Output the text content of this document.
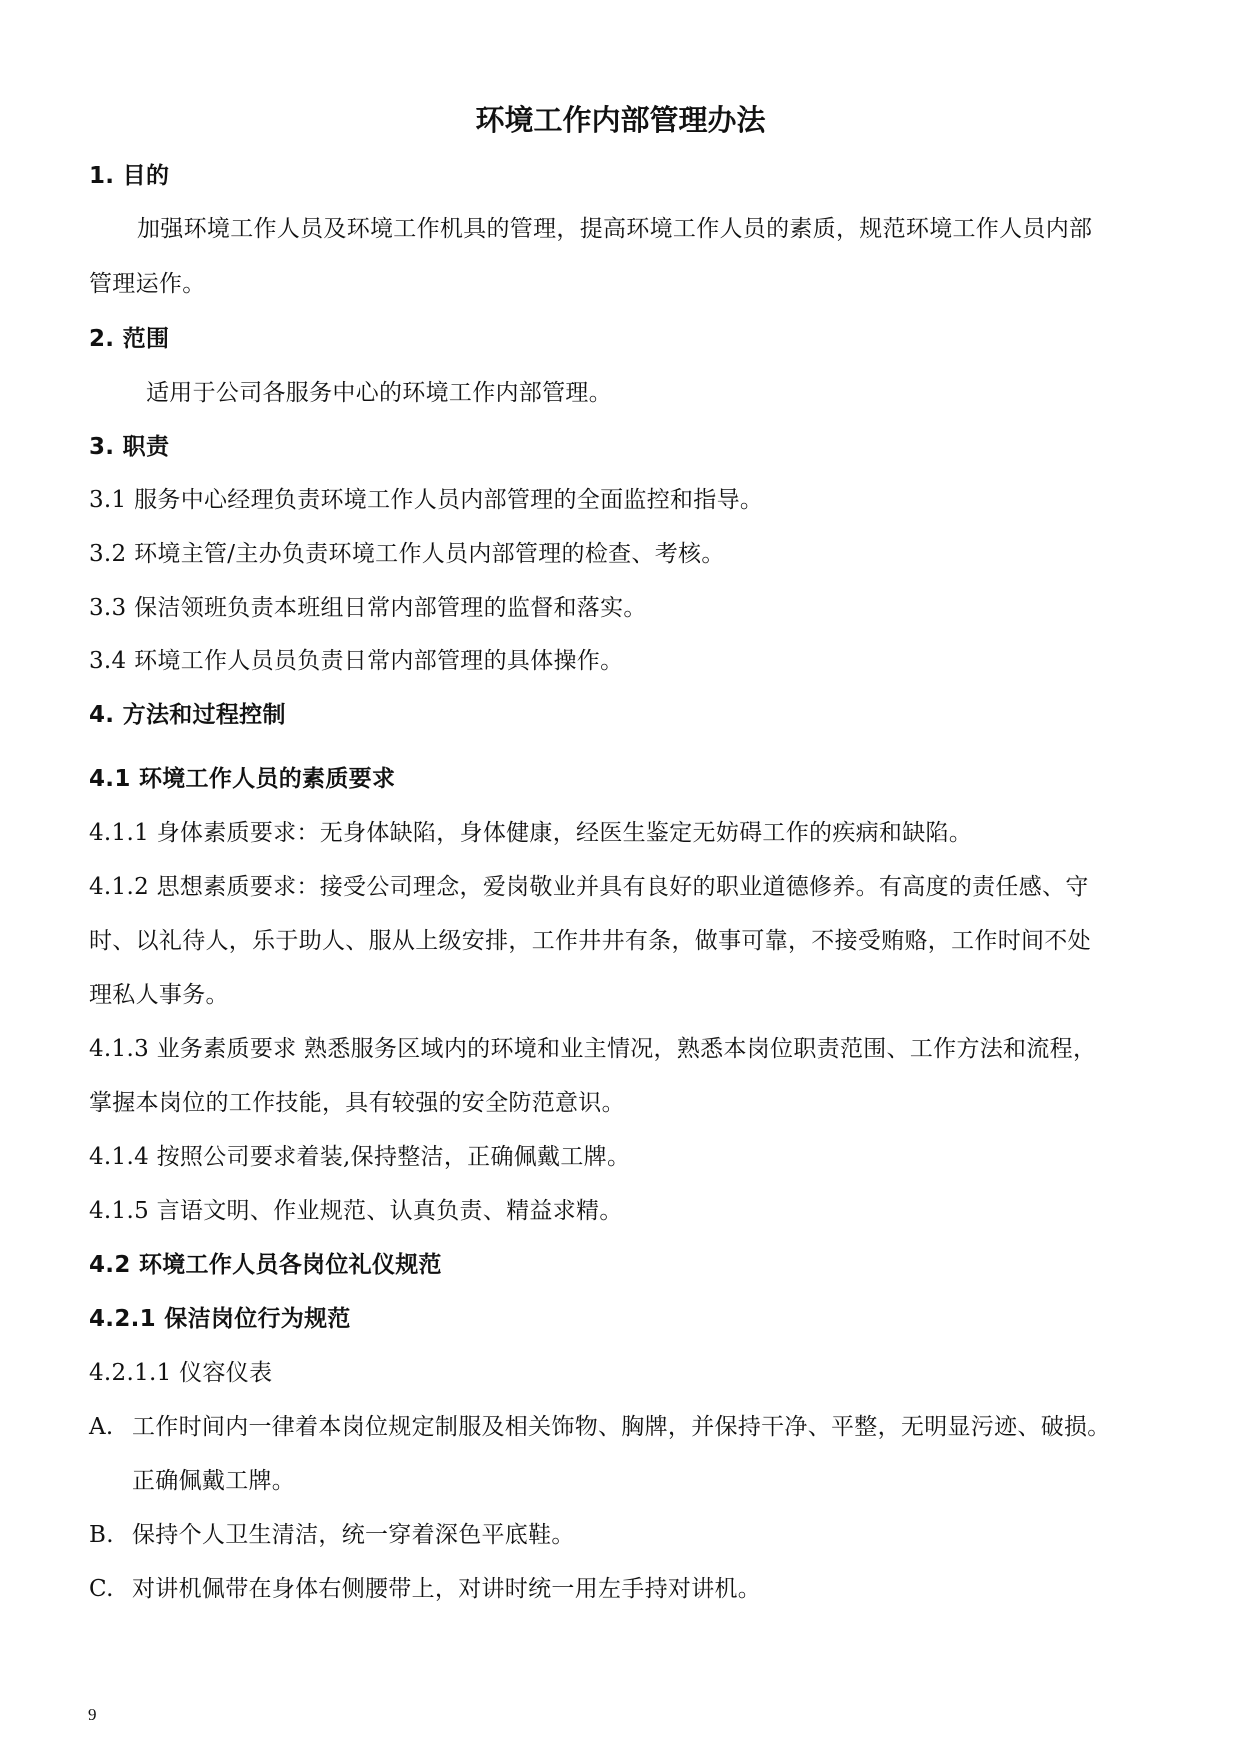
环境工作内部管理办法
1. 目的
加强环境工作人员及环境工作机具的管理，提高环境工作人员的素质，规范环境工作人员内部
管理运作。
2. 范围
适用于公司各服务中心的环境工作内部管理。
3. 职责
3.1 服务中心经理负责环境工作人员内部管理的全面监控和指导。
3.2 环境主管/主办负责环境工作人员内部管理的检查、考核。
3.3 保洁领班负责本班组日常内部管理的监督和落实。
3.4 环境工作人员员负责日常内部管理的具体操作。
4. 方法和过程控制
4.1 环境工作人员的素质要求
4.1.1 身体素质要求：无身体缺陷，身体健康，经医生鉴定无妨碍工作的疾病和缺陷。
4.1.2 思想素质要求：接受公司理念，爱岗敬业并具有良好的职业道德修养。有高度的责任感、守
时、以礼待人，乐于助人、服从上级安排，工作井井有条，做事可靠，不接受贿赂，工作时间不处
理私人事务。
4.1.3 业务素质要求 熟悉服务区域内的环境和业主情况，熟悉本岗位职责范围、工作方法和流程，
掌握本岗位的工作技能，具有较强的安全防范意识。
4.1.4 按照公司要求着装,保持整洁，正确佩戴工牌。
4.1.5 言语文明、作业规范、认真负责、精益求精。
4.2 环境工作人员各岗位礼仪规范
4.2.1 保洁岗位行为规范
4.2.1.1 仪容仪表
A. 工作时间内一律着本岗位规定制服及相关饰物、胸牌，并保持干净、平整，无明显污迹、破损。
正确佩戴工牌。
B. 保持个人卫生清洁，统一穿着深色平底鞋。
C. 对讲机佩带在身体右侧腰带上，对讲时统一用左手持对讲机。
9
